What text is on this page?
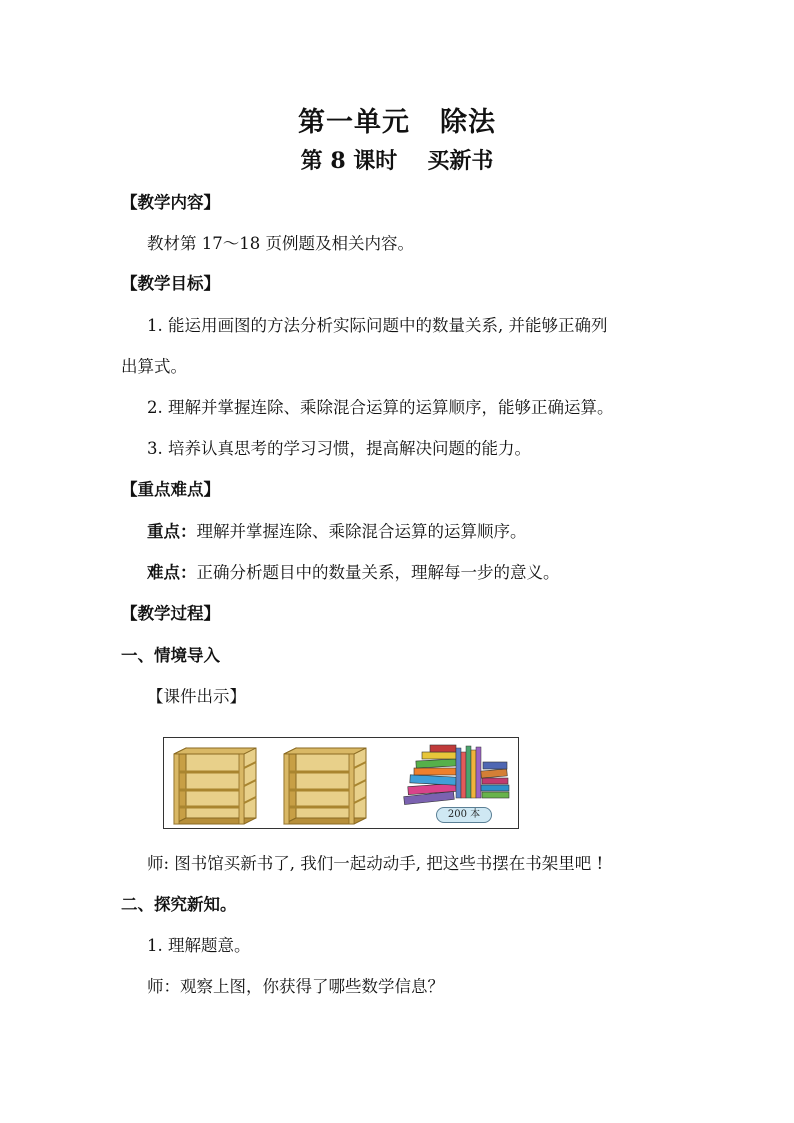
第一单元 除法
第 8 课时 买新书
【教学内容】
教材第 17～18 页例题及相关内容。
【教学目标】
1. 能运用画图的方法分析实际问题中的数量关系, 并能够正确列
出算式。
2. 理解并掌握连除、乘除混合运算的运算顺序，能够正确运算。
3. 培养认真思考的学习习惯，提高解决问题的能力。
【重点难点】
重点：理解并掌握连除、乘除混合运算的运算顺序。
难点：正确分析题目中的数量关系，理解每一步的意义。
【教学过程】
一、情境导入
【课件出示】
200 本
师: 图书馆买新书了, 我们一起动动手, 把这些书摆在书架里吧 !
二、探究新知。
1. 理解题意。
师：观察上图，你获得了哪些数学信息？
